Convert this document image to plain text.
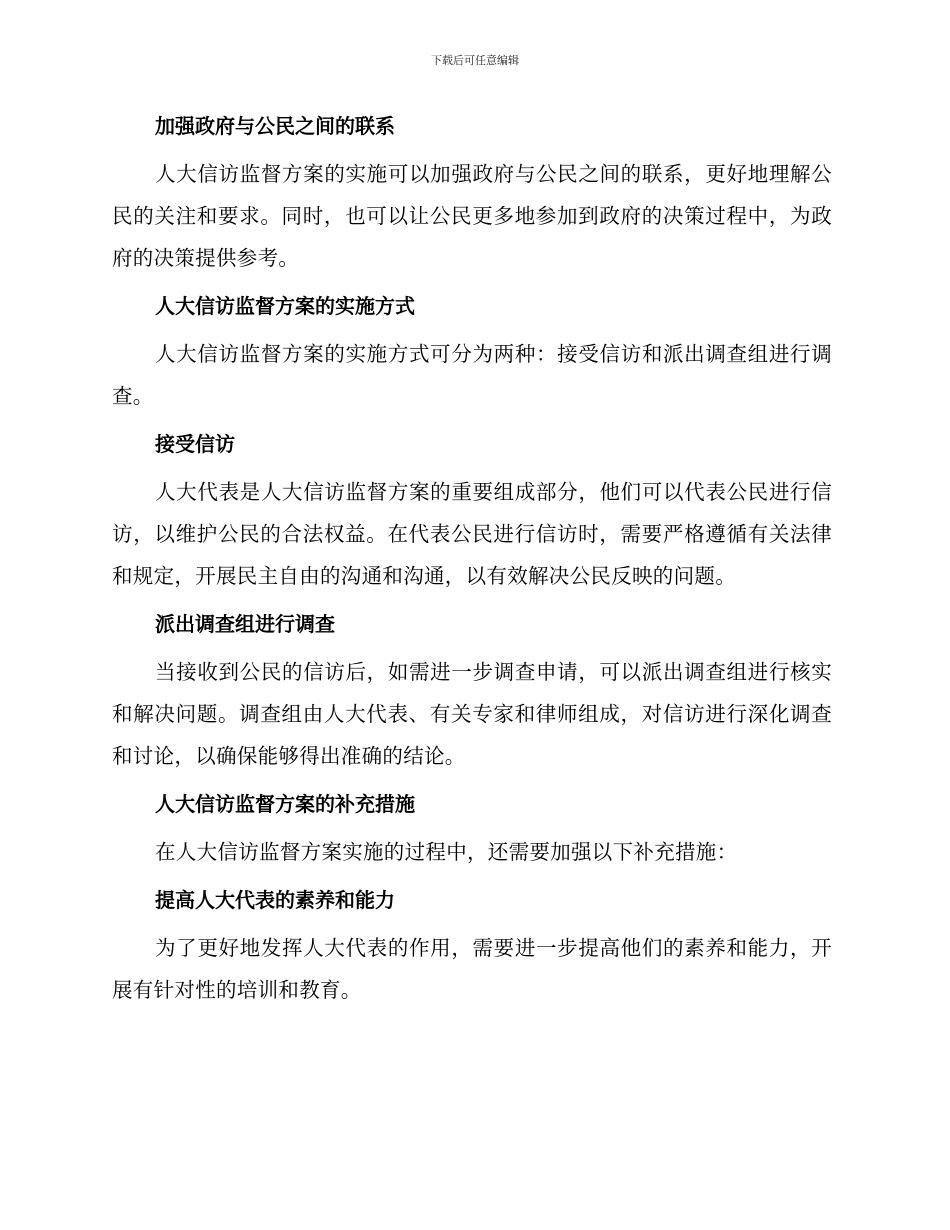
下载后可任意编辑
加强政府与公民之间的联系

人大信访监督方案的实施可以加强政府与公民之间的联系，更好地理解公民的关注和要求。同时，也可以让公民更多地参加到政府的决策过程中，为政府的决策提供参考。

人大信访监督方案的实施方式

人大信访监督方案的实施方式可分为两种：接受信访和派出调查组进行调查。

接受信访

人大代表是人大信访监督方案的重要组成部分，他们可以代表公民进行信访，以维护公民的合法权益。在代表公民进行信访时，需要严格遵循有关法律和规定，开展民主自由的沟通和沟通，以有效解决公民反映的问题。

派出调查组进行调查

当接收到公民的信访后，如需进一步调查申请，可以派出调查组进行核实和解决问题。调查组由人大代表、有关专家和律师组成，对信访进行深化调查和讨论，以确保能够得出准确的结论。

人大信访监督方案的补充措施

在人大信访监督方案实施的过程中，还需要加强以下补充措施：

提高人大代表的素养和能力

为了更好地发挥人大代表的作用，需要进一步提高他们的素养和能力，开展有针对性的培训和教育。
